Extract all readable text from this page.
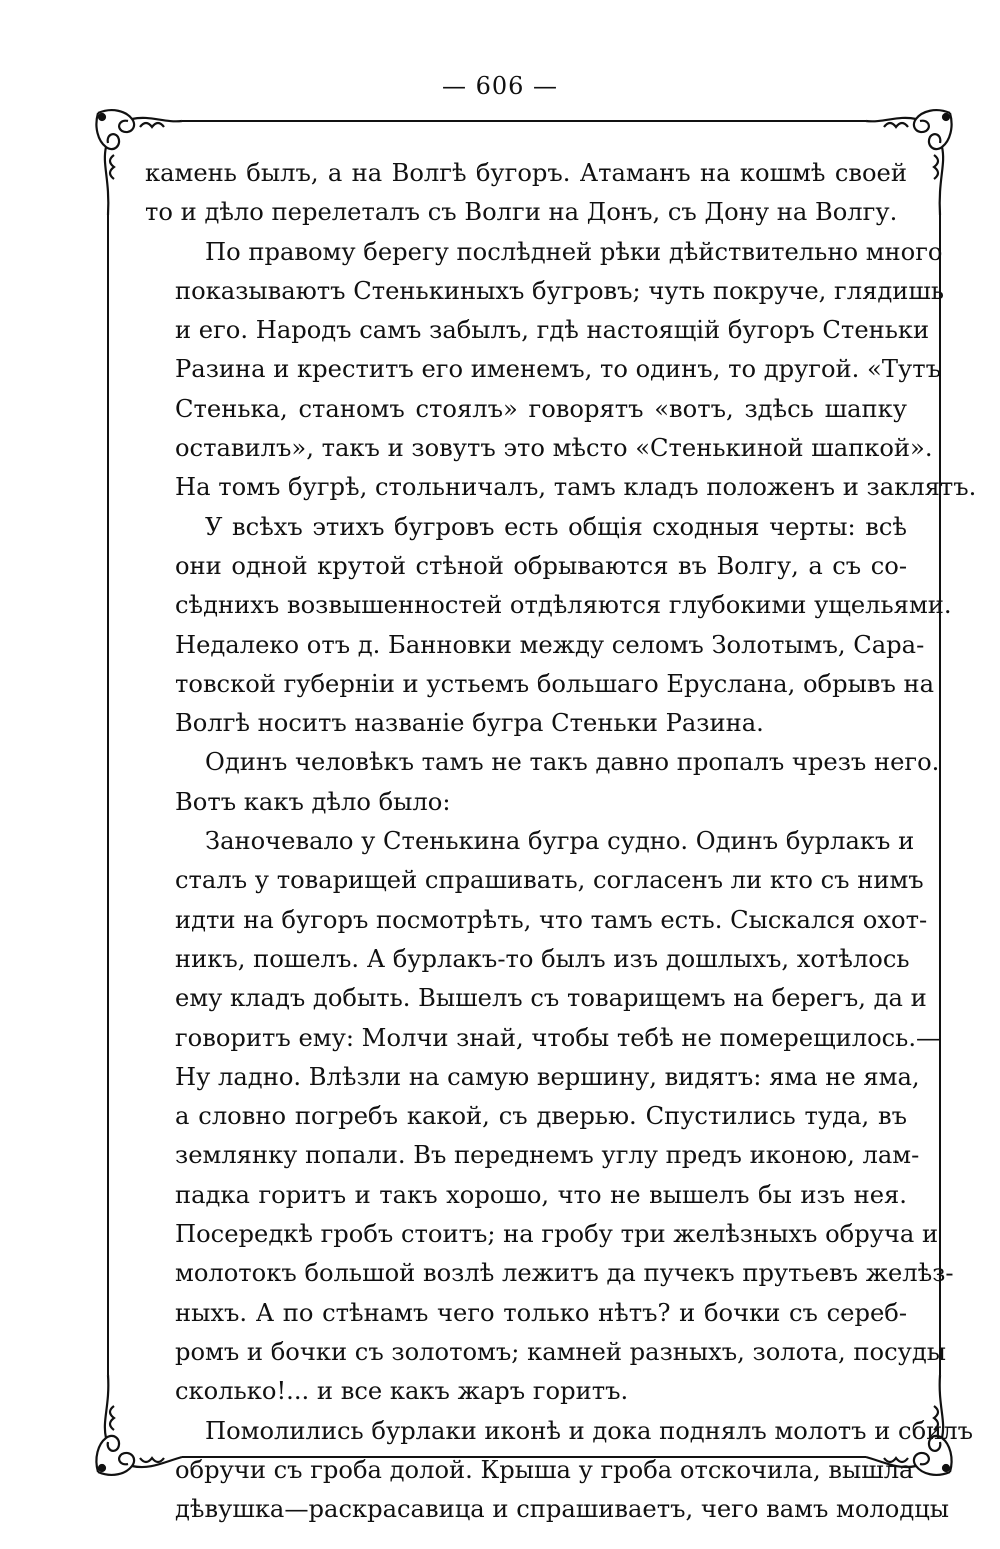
— 606 —
камень былъ, а на Волгѣ бугоръ. Атаманъ на кошмѣ своей
то и дѣло перелеталъ съ Волги на Донъ, съ Дону на Волгу.
По правому берегу послѣдней рѣки дѣйствительно много
показываютъ Стенькиныхъ бугровъ; чуть покруче, глядишь
и его. Народъ самъ забылъ, гдѣ настоящій бугоръ Стеньки
Разина и креститъ его именемъ, то одинъ, то другой. «Тутъ
Стенька, станомъ стоялъ» говорятъ «вотъ, здѣсь шапку
оставилъ», такъ и зовутъ это мѣсто «Стенькиной шапкой».
На томъ бугрѣ, стольничалъ, тамъ кладъ положенъ и заклятъ.
У всѣхъ этихъ бугровъ есть общія сходныя черты: всѣ
они одной крутой стѣной обрываются въ Волгу, а съ со-
сѣднихъ возвышенностей отдѣляются глубокими ущельями.
Недалеко отъ д. Банновки между селомъ Золотымъ, Сара-
товской губерніи и устьемъ большаго Еруслана, обрывъ на
Волгѣ носитъ названіе бугра Стеньки Разина.
Одинъ человѣкъ тамъ не такъ давно пропалъ чрезъ него.
Вотъ какъ дѣло было:
Заночевало у Стенькина бугра судно. Одинъ бурлакъ и
сталъ у товарищей спрашивать, согласенъ ли кто съ нимъ
идти на бугоръ посмотрѣть, что тамъ есть. Сыскался охот-
никъ, пошелъ. А бурлакъ-то былъ изъ дошлыхъ, хотѣлось
ему кладъ добыть. Вышелъ съ товарищемъ на берегъ, да и
говоритъ ему: Молчи знай, чтобы тебѣ не померещилось.—
Ну ладно. Влѣзли на самую вершину, видятъ: яма не яма,
а словно погребъ какой, съ дверью. Спустились туда, въ
землянку попали. Въ переднемъ углу предъ иконою, лам-
падка горитъ и такъ хорошо, что не вышелъ бы изъ нея.
Посередкѣ гробъ стоитъ; на гробу три желѣзныхъ обруча и
молотокъ большой возлѣ лежитъ да пучекъ прутьевъ желѣз-
ныхъ. А по стѣнамъ чего только нѣтъ? и бочки съ сереб-
ромъ и бочки съ золотомъ; камней разныхъ, золота, посуды
сколько!... и все какъ жаръ горитъ.
Помолились бурлаки иконѣ и дока поднялъ молотъ и сбилъ
обручи съ гроба долой. Крыша у гроба отскочила, вышла
дѣвушка—раскрасавица и спрашиваетъ, чего вамъ молодцы
